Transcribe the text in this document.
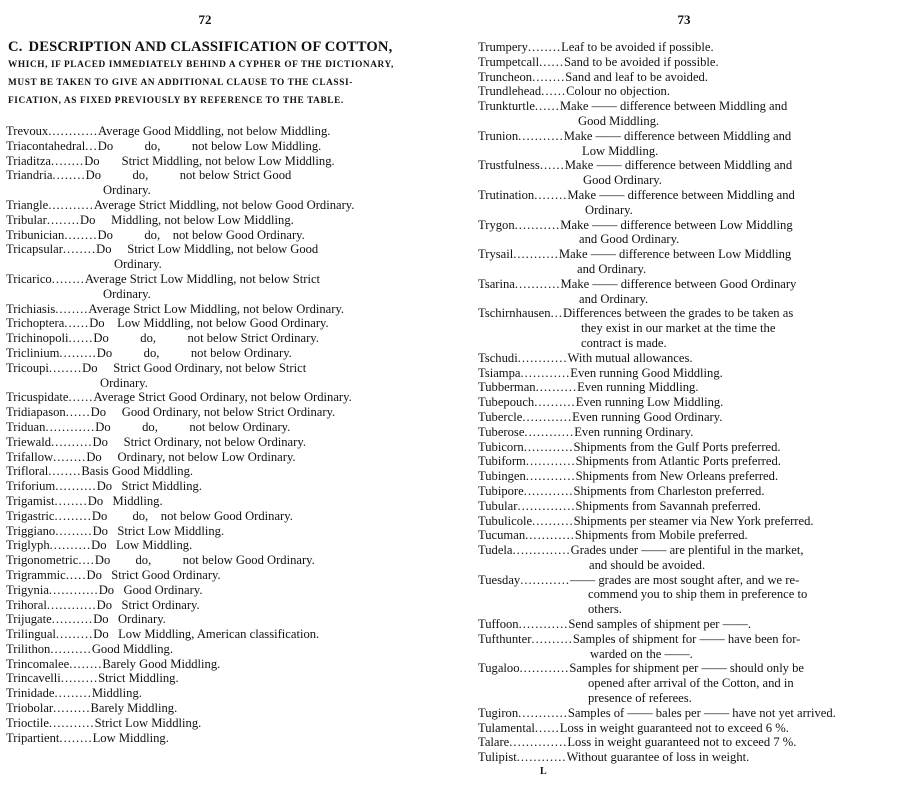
72
C. DESCRIPTION AND CLASSIFICATION OF COTTON,
WHICH, IF PLACED IMMEDIATELY BEHIND A CYPHER OF THE DICTIONARY,
MUST BE TAKEN TO GIVE AN ADDITIONAL CLAUSE TO THE CLASSI-
FICATION, AS FIXED PREVIOUSLY BY REFERENCE TO THE TABLE.
Trevoux ............ Average Good Middling, not below Middling.
Triacontahedral ... Do          do,          not below Low Middling.
Triaditza ........ Do       Strict Middling, not below Low Middling.
Triandria ........ Do          do,          not below Strict Good
Ordinary.
Triangle ........... Average Strict Middling, not below Good Ordinary.
Tribular ........ Do     Middling, not below Low Middling.
Tribunician ........ Do          do,    not below Good Ordinary.
Tricapsular ........ Do     Strict Low Middling, not below Good
Ordinary.
Tricarico ........ Average Strict Low Middling, not below Strict
Ordinary.
Trichiasis ........ Average Strict Low Middling, not below Ordinary.
Trichoptera ...... Do    Low Middling, not below Good Ordinary.
Trichinopoli ...... Do          do,          not below Strict Ordinary.
Triclinium ......... Do          do,          not below Ordinary.
Tricoupi ........ Do     Strict Good Ordinary, not below Strict
Ordinary.
Tricuspidate ...... Average Strict Good Ordinary, not below Ordinary.
Tridiapason ...... Do     Good Ordinary, not below Strict Ordinary.
Triduan ............ Do          do,          not below Ordinary.
Triewald .......... Do     Strict Ordinary, not below Ordinary.
Trifallow ........ Do     Ordinary, not below Low Ordinary.
Trifloral ........ Basis Good Middling.
Triforium .......... Do   Strict Middling.
Trigamist ........ Do   Middling.
Trigastric ......... Do        do,    not below Good Ordinary.
Triggiano ......... Do   Strict Low Middling.
Triglyph .......... Do   Low Middling.
Trigonometric .... Do        do,          not below Good Ordinary.
Trigrammic ..... Do   Strict Good Ordinary.
Trigynia ............ Do   Good Ordinary.
Trihoral ............ Do   Strict Ordinary.
Trijugate .......... Do   Ordinary.
Trilingual ......... Do   Low Middling, American classification.
Trilithon .......... Good Middling.
Trincomalee ........ Barely Good Middling.
Trincavelli ......... Strict Middling.
Trinidade ......... Middling.
Triobolar ......... Barely Middling.
Trioctile ........... Strict Low Middling.
Tripartient ........ Low Middling.
73
Trumpery ........ Leaf to be avoided if possible.
Trumpetcall ...... Sand to be avoided if possible.
Truncheon ........ Sand and leaf to be avoided.
Trundlehead ...... Colour no objection.
Trunkturtle ...... Make —— difference between Middling and
Good Middling.
Trunion ........... Make —— difference between Middling and
Low Middling.
Trustfulness ...... Make —— difference between Middling and
Good Ordinary.
Trutination ........ Make —— difference between Middling and
Ordinary.
Trygon ........... Make —— difference between Low Middling
and Good Ordinary.
Trysail ........... Make —— difference between Low Middling
and Ordinary.
Tsarina ........... Make —— difference between Good Ordinary
and Ordinary.
Tschirnhausen ... Differences between the grades to be taken as
they exist in our market at the time the
contract is made.
Tschudi ............ With mutual allowances.
Tsiampa ............ Even running Good Middling.
Tubberman .......... Even running Middling.
Tubepouch .......... Even running Low Middling.
Tubercle ............ Even running Good Ordinary.
Tuberose ............ Even running Ordinary.
Tubicorn ............ Shipments from the Gulf Ports preferred.
Tubiform ............ Shipments from Atlantic Ports preferred.
Tubingen ............ Shipments from New Orleans preferred.
Tubipore ............ Shipments from Charleston preferred.
Tubular .............. Shipments from Savannah preferred.
Tubulicole .......... Shipments per steamer via New York preferred.
Tucuman ............ Shipments from Mobile preferred.
Tudela .............. Grades under —— are plentiful in the market,
and should be avoided.
Tuesday ............ —— grades are most sought after, and we re-
commend you to ship them in preference to
others.
Tuffoon ............ Send samples of shipment per ——.
Tufthunter .......... Samples of shipment for —— have been for-
warded on the ——.
Tugaloo ............ Samples for shipment per —— should only be
opened after arrival of the Cotton, and in
presence of referees.
Tugiron ............ Samples of —— bales per —— have not yet arrived.
Tulamental ...... Loss in weight guaranteed not to exceed 6 %.
Talare .............. Loss in weight guaranteed not to exceed 7 %.
Tulipist ............ Without guarantee of loss in weight.
L
